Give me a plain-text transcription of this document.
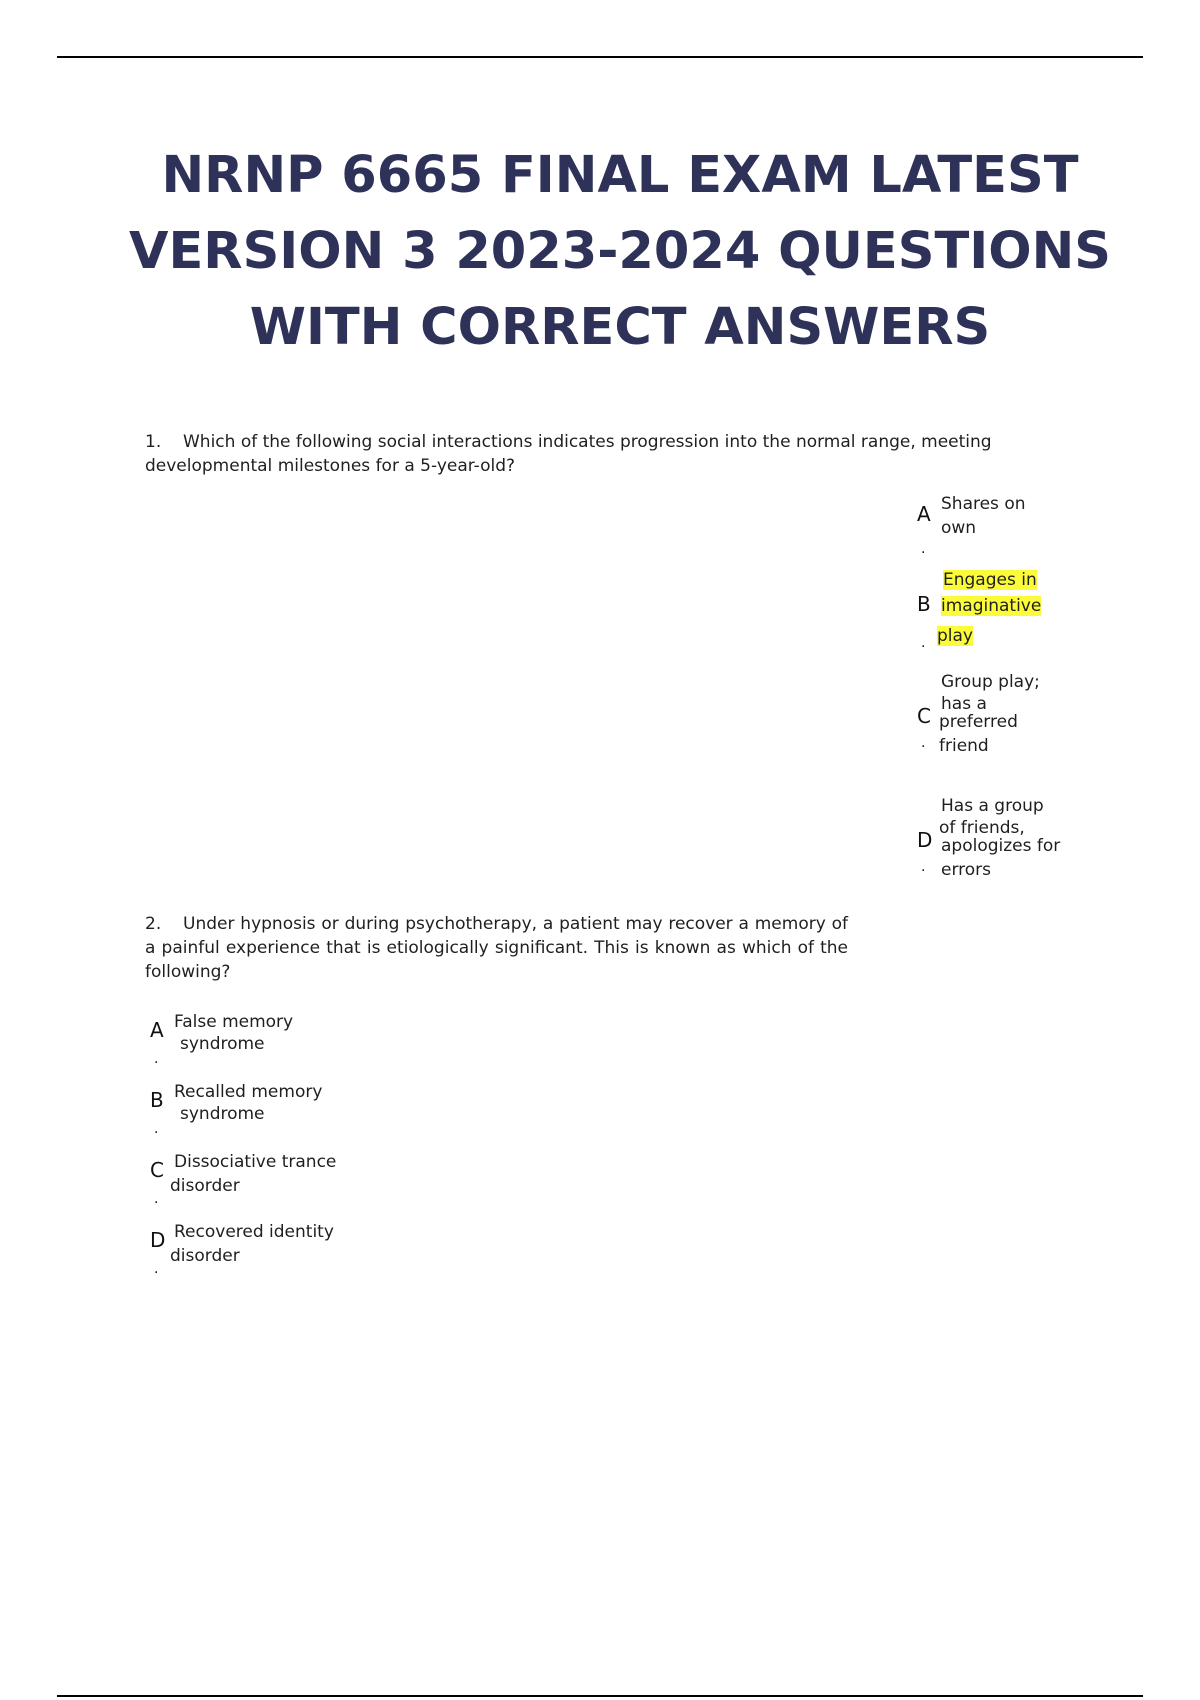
NRNP 6665 FINAL EXAM LATEST
VERSION 3 2023-2024 QUESTIONS
WITH CORRECT ANSWERS

1. Which of the following social interactions indicates progression into the normal range, meeting developmental milestones for a 5-year-old?

A
·
Shares on
own
B
.
Engages in
imaginative
play
C
·
Group play;
has a
preferred
friend
D
·
Has a group
of friends,
apologizes for
errors

2. Under hypnosis or during psychotherapy, a patient may recover a memory of a painful experience that is etiologically significant. This is known as which of the following?

A
·
False memory
syndrome
B
·
Recalled memory
syndrome
C
·
Dissociative trance
disorder
D
·
Recovered identity
disorder
